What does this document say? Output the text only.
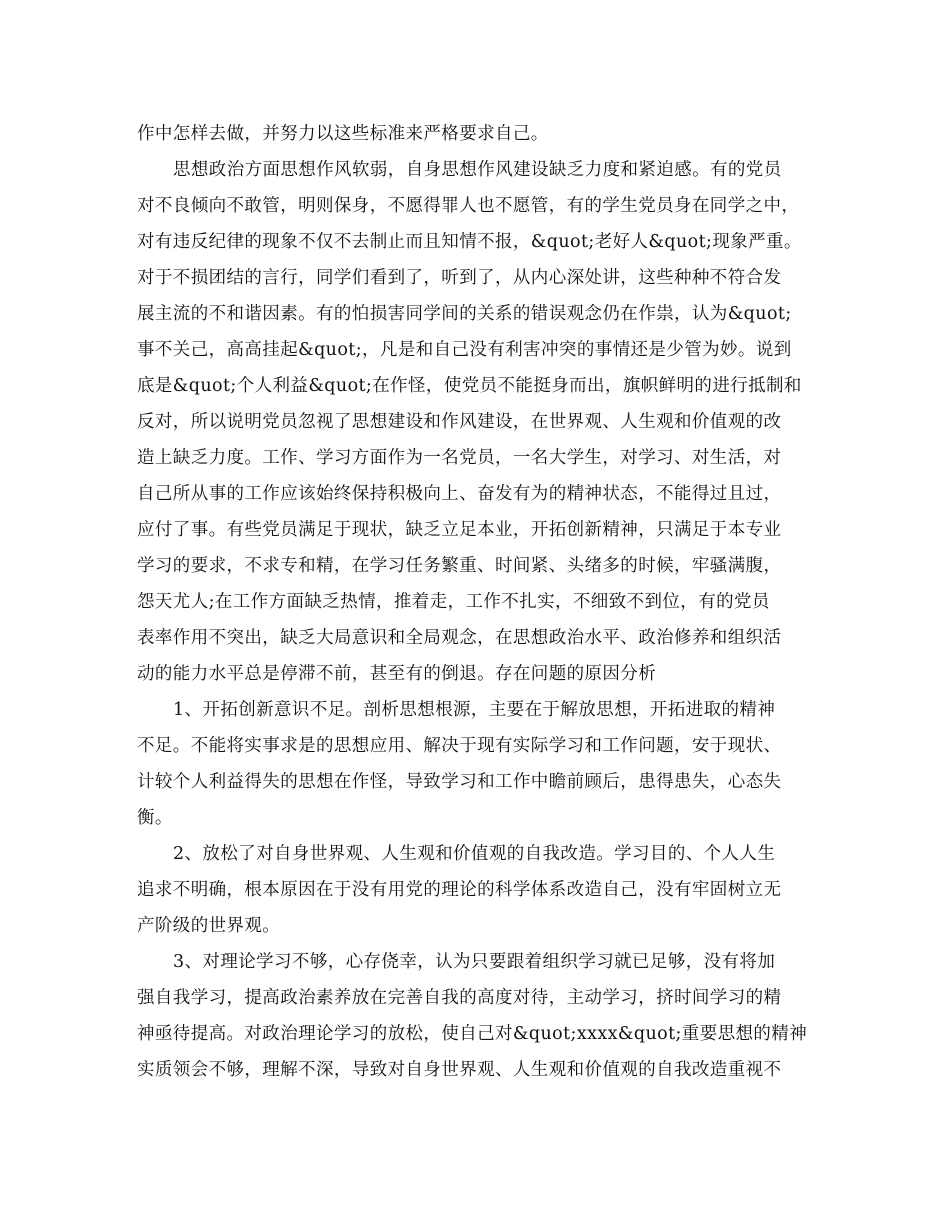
作中怎样去做，并努力以这些标准来严格要求自己。
思想政治方面思想作风软弱，自身思想作风建设缺乏力度和紧迫感。有的党员
对不良倾向不敢管，明则保身，不愿得罪人也不愿管，有的学生党员身在同学之中，
对有违反纪律的现象不仅不去制止而且知情不报，&quot;老好人&quot;现象严重。
对于不损团结的言行，同学们看到了，听到了，从内心深处讲，这些种种不符合发
展主流的不和谐因素。有的怕损害同学间的关系的错误观念仍在作祟，认为&quot;
事不关己，高高挂起&quot;，凡是和自己没有利害冲突的事情还是少管为妙。说到
底是&quot;个人利益&quot;在作怪，使党员不能挺身而出，旗帜鲜明的进行抵制和
反对，所以说明党员忽视了思想建设和作风建设，在世界观、人生观和价值观的改
造上缺乏力度。工作、学习方面作为一名党员，一名大学生，对学习、对生活，对
自己所从事的工作应该始终保持积极向上、奋发有为的精神状态，不能得过且过，
应付了事。有些党员满足于现状，缺乏立足本业，开拓创新精神，只满足于本专业
学习的要求，不求专和精，在学习任务繁重、时间紧、头绪多的时候，牢骚满腹，
怨天尤人;在工作方面缺乏热情，推着走，工作不扎实，不细致不到位，有的党员
表率作用不突出，缺乏大局意识和全局观念，在思想政治水平、政治修养和组织活
动的能力水平总是停滞不前，甚至有的倒退。存在问题的原因分析
1、开拓创新意识不足。剖析思想根源，主要在于解放思想，开拓进取的精神
不足。不能将实事求是的思想应用、解决于现有实际学习和工作问题，安于现状、
计较个人利益得失的思想在作怪，导致学习和工作中瞻前顾后，患得患失，心态失
衡。
2、放松了对自身世界观、人生观和价值观的自我改造。学习目的、个人人生
追求不明确，根本原因在于没有用党的理论的科学体系改造自己，没有牢固树立无
产阶级的世界观。
3、对理论学习不够，心存侥幸，认为只要跟着组织学习就已足够，没有将加
强自我学习，提高政治素养放在完善自我的高度对待，主动学习，挤时间学习的精
神亟待提高。对政治理论学习的放松，使自己对&quot;xxxx&quot;重要思想的精神
实质领会不够，理解不深，导致对自身世界观、人生观和价值观的自我改造重视不
